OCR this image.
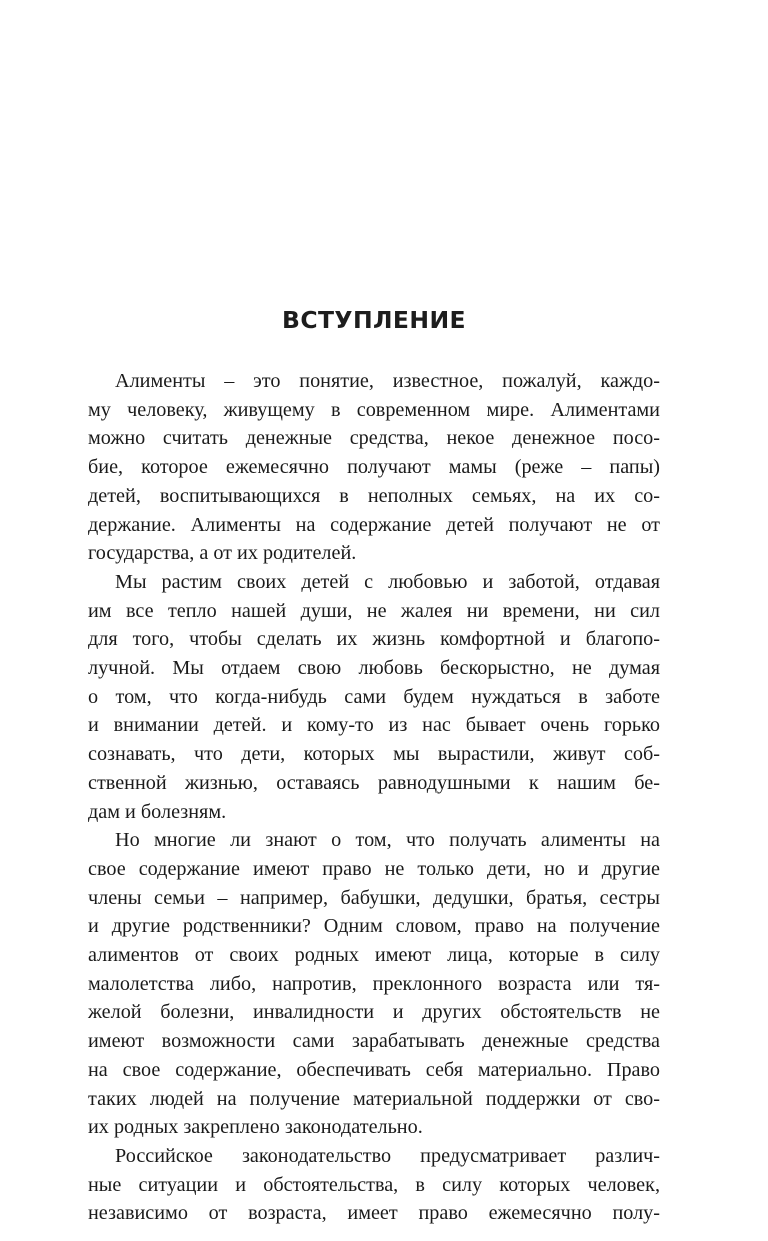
ВСТУПЛЕНИЕ

Алименты – это понятие, известное, пожалуй, каждо-
му человеку, живущему в современном мире. Алиментами
можно считать денежные средства, некое денежное посо-
бие, которое ежемесячно получают мамы (реже – папы)
детей, воспитывающихся в неполных семьях, на их со-
держание. Алименты на содержание детей получают не от
государства, а от их родителей.

Мы растим своих детей с любовью и заботой, отдавая
им все тепло нашей души, не жалея ни времени, ни сил
для того, чтобы сделать их жизнь комфортной и благопо-
лучной. Мы отдаем свою любовь бескорыстно, не думая
о том, что когда-нибудь сами будем нуждаться в заботе
и внимании детей. и кому-то из нас бывает очень горько
сознавать, что дети, которых мы вырастили, живут соб-
ственной жизнью, оставаясь равнодушными к нашим бе-
дам и болезням.

Но многие ли знают о том, что получать алименты на
свое содержание имеют право не только дети, но и другие
члены семьи – например, бабушки, дедушки, братья, сестры
и другие родственники? Одним словом, право на получение
алиментов от своих родных имеют лица, которые в силу
малолетства либо, напротив, преклонного возраста или тя-
желой болезни, инвалидности и других обстоятельств не
имеют возможности сами зарабатывать денежные средства
на свое содержание, обеспечивать себя материально. Право
таких людей на получение материальной поддержки от сво-
их родных закреплено законодательно.

Российское законодательство предусматривает различ-
ные ситуации и обстоятельства, в силу которых человек,
независимо от возраста, имеет право ежемесячно полу-
